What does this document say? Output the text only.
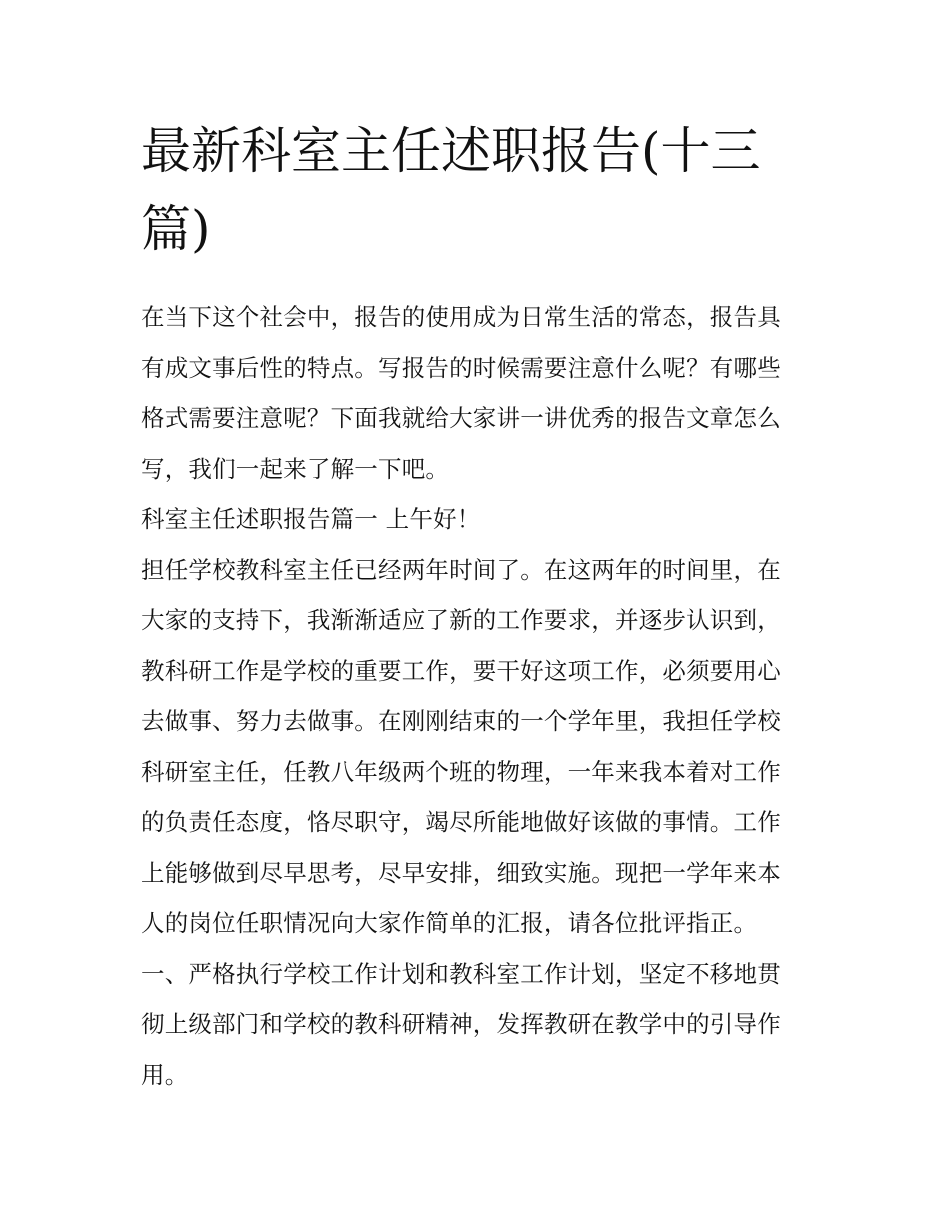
最新科室主任述职报告(十三
篇)

在当下这个社会中，报告的使用成为日常生活的常态，报告具
有成文事后性的特点。写报告的时候需要注意什么呢？有哪些
格式需要注意呢？下面我就给大家讲一讲优秀的报告文章怎么
写，我们一起来了解一下吧。

科室主任述职报告篇一 上午好！

担任学校教科室主任已经两年时间了。在这两年的时间里，在
大家的支持下，我渐渐适应了新的工作要求，并逐步认识到，
教科研工作是学校的重要工作，要干好这项工作，必须要用心
去做事、努力去做事。在刚刚结束的一个学年里，我担任学校
科研室主任，任教八年级两个班的物理，一年来我本着对工作
的负责任态度，恪尽职守，竭尽所能地做好该做的事情。工作
上能够做到尽早思考，尽早安排，细致实施。现把一学年来本
人的岗位任职情况向大家作简单的汇报，请各位批评指正。

一、严格执行学校工作计划和教科室工作计划，坚定不移地贯
彻上级部门和学校的教科研精神，发挥教研在教学中的引导作
用。
